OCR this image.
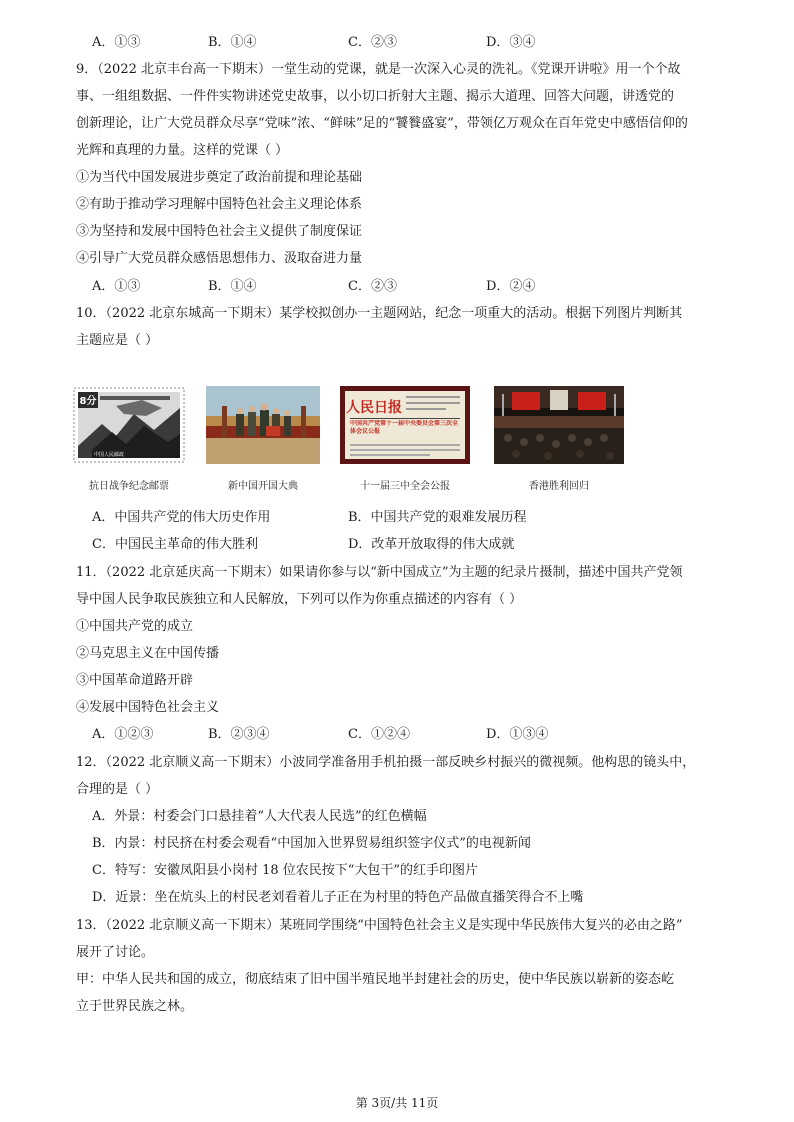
A．①③	B．①④	C．②③	D．③④
9．（2022 北京丰台高一下期末）一堂生动的党课，就是一次深入心灵的洗礼。《党课开讲啦》用一个个故
事、一组组数据、一件件实物讲述党史故事，以小切口折射大主题、揭示大道理、回答大问题，讲透党的
创新理论，让广大党员群众尽享“党味”浓、“鲜味”足的“饕餮盛宴”，带领亿万观众在百年党史中感悟信仰的
光辉和真理的力量。这样的党课（ ）
①为当代中国发展进步奠定了政治前提和理论基础
②有助于推动学习理解中国特色社会主义理论体系
③为坚持和发展中国特色社会主义提供了制度保证
④引导广大党员群众感悟思想伟力、汲取奋进力量
A．①③	B．①④	C．②③	D．②④
10．（2022 北京东城高一下期末）某学校拟创办一主题网站，纪念一项重大的活动。根据下列图片判断其
主题应是（ ）
8分
中国人民邮政
人民日报
中国共产党第十一届中央委员会第三次全体会议公报
抗日战争纪念邮票	新中国开国大典	十一届三中全会公报	香港胜利回归
A．中国共产党的伟大历史作用	B．中国共产党的艰难发展历程
C．中国民主革命的伟大胜利	D．改革开放取得的伟大成就
11．（2022 北京延庆高一下期末）如果请你参与以“新中国成立”为主题的纪录片摄制，描述中国共产党领
导中国人民争取民族独立和人民解放，下列可以作为你重点描述的内容有（ ）
①中国共产党的成立
②马克思主义在中国传播
③中国革命道路开辟
④发展中国特色社会主义
A．①②③	B．②③④	C．①②④	D．①③④
12．（2022 北京顺义高一下期末）小波同学准备用手机拍摄一部反映乡村振兴的微视频。他构思的镜头中，
合理的是（ ）
A．外景：村委会门口悬挂着“人大代表人民选”的红色横幅
B．内景：村民挤在村委会观看“中国加入世界贸易组织签字仪式”的电视新闻
C．特写：安徽凤阳县小岗村 18 位农民按下“大包干”的红手印图片
D．近景：坐在炕头上的村民老刘看着儿子正在为村里的特色产品做直播笑得合不上嘴
13．（2022 北京顺义高一下期末）某班同学围绕“中国特色社会主义是实现中华民族伟大复兴的必由之路”
展开了讨论。
甲：中华人民共和国的成立，彻底结束了旧中国半殖民地半封建社会的历史，使中华民族以崭新的姿态屹
立于世界民族之林。
第 3页/共 11页
